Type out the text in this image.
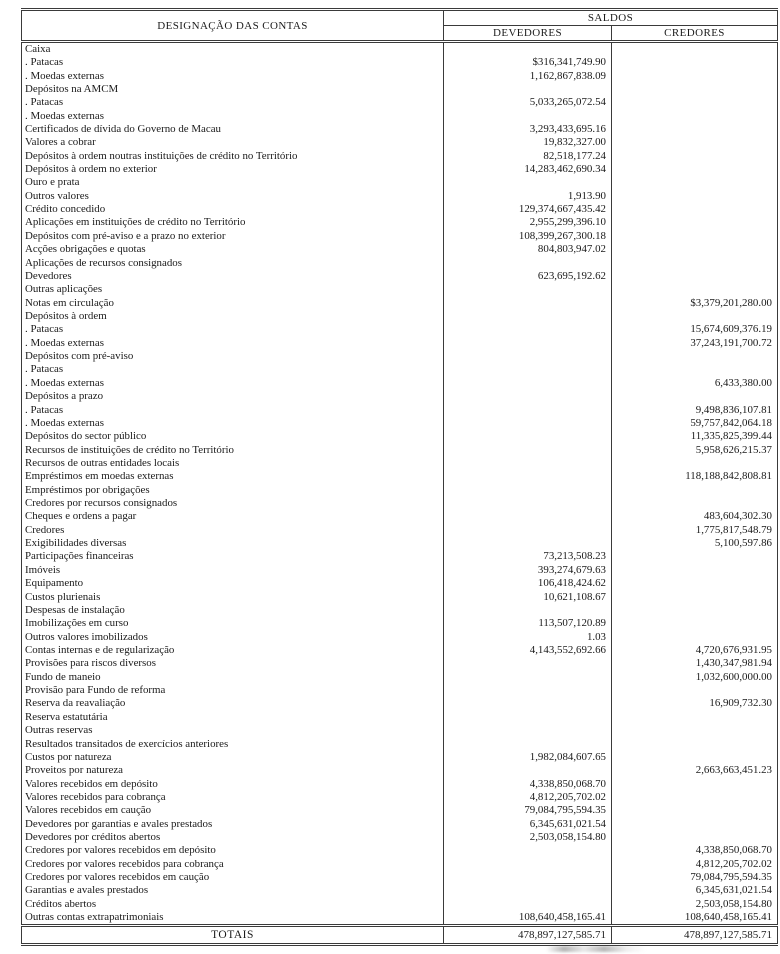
DESIGNAÇÃO DAS CONTAS	SALDOS	
	DEVEDORES	CREDORES
Caixa		
. Patacas	$316,341,749.90	
. Moedas externas	1,162,867,838.09	
Depósitos na AMCM		
. Patacas	5,033,265,072.54	
. Moedas externas		
Certificados de dívida do Governo de Macau	3,293,433,695.16	
Valores a cobrar	19,832,327.00	
Depósitos à ordem noutras instituições de crédito no Território	82,518,177.24	
Depósitos à ordem no exterior	14,283,462,690.34	
Ouro e prata		
Outros valores	1,913.90	
Crédito concedido	129,374,667,435.42	
Aplicações em instituições de crédito no Território	2,955,299,396.10	
Depósitos com pré-aviso e a prazo no exterior	108,399,267,300.18	
Acções obrigações e quotas	804,803,947.02	
Aplicações de recursos consignados		
Devedores	623,695,192.62	
Outras aplicações		
Notas em circulação		$3,379,201,280.00
Depósitos à ordem		
. Patacas		15,674,609,376.19
. Moedas externas		37,243,191,700.72
Depósitos com pré-aviso		
. Patacas		
. Moedas externas		6,433,380.00
Depósitos a prazo		
. Patacas		9,498,836,107.81
. Moedas externas		59,757,842,064.18
Depósitos do sector público		11,335,825,399.44
Recursos de instituições de crédito no Território		5,958,626,215.37
Recursos de outras entidades locais		
Empréstimos em moedas externas		118,188,842,808.81
Empréstimos por obrigações		
Credores por recursos consignados		
Cheques e ordens a pagar		483,604,302.30
Credores		1,775,817,548.79
Exigibilidades diversas		5,100,597.86
Participações financeiras	73,213,508.23	
Imóveis	393,274,679.63	
Equipamento	106,418,424.62	
Custos plurienais	10,621,108.67	
Despesas de instalação		
Imobilizações em curso	113,507,120.89	
Outros valores imobilizados	1.03	
Contas internas e de regularização	4,143,552,692.66	4,720,676,931.95
Provisões para riscos diversos		1,430,347,981.94
Fundo de maneio		1,032,600,000.00
Provisão para Fundo de reforma		
Reserva da reavaliação		16,909,732.30
Reserva estatutária		
Outras reservas		
Resultados transitados de exercícios anteriores		
Custos por natureza	1,982,084,607.65	
Proveitos por natureza		2,663,663,451.23
Valores recebidos em depósito	4,338,850,068.70	
Valores recebidos para cobrança	4,812,205,702.02	
Valores recebidos em caução	79,084,795,594.35	
Devedores por garantias e avales prestados	6,345,631,021.54	
Devedores por créditos abertos	2,503,058,154.80	
Credores por valores recebidos em depósito		4,338,850,068.70
Credores por valores recebidos para cobrança		4,812,205,702.02
Credores por valores recebidos em caução		79,084,795,594.35
Garantias e avales prestados		6,345,631,021.54
Créditos abertos		2,503,058,154.80
Outras contas extrapatrimoniais	108,640,458,165.41	108,640,458,165.41
TOTAIS	478,897,127,585.71	478,897,127,585.71
